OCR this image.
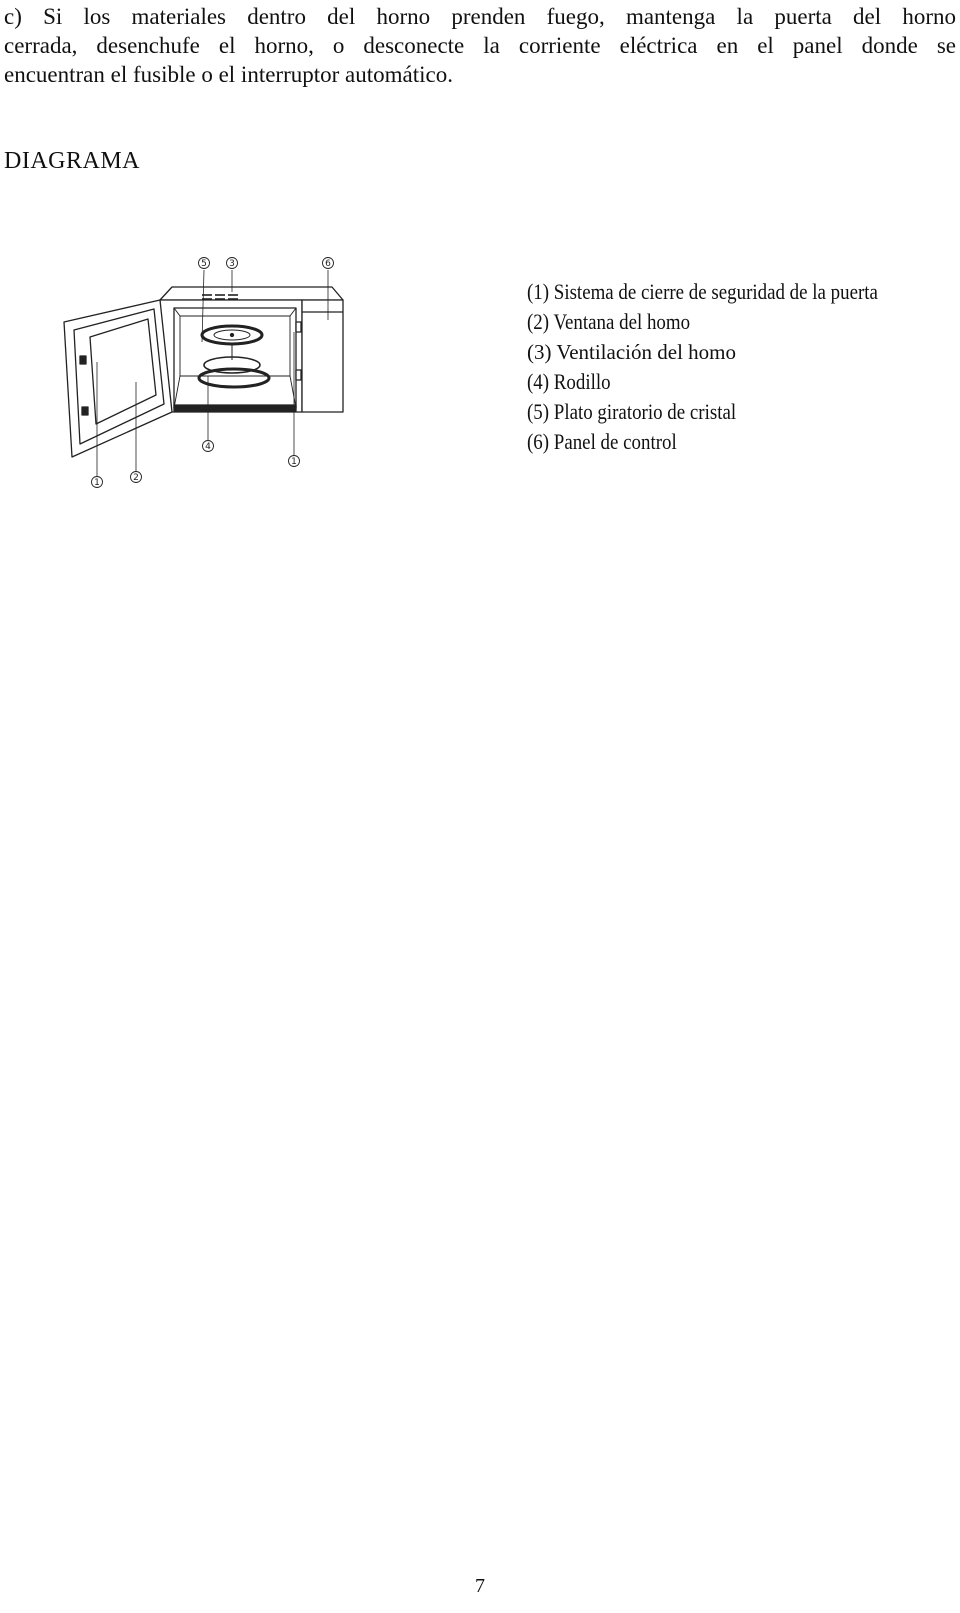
c) Si los materiales dentro del horno prenden fuego, mantenga la puerta del horno
cerrada, desenchufe el horno, o desconecte la corriente eléctrica en el panel donde se
encuentran el fusible o el interruptor automático.
DIAGRAMA
5 3	6
4
1
1	2
(1) Sistema de cierre de seguridad de la puerta
(2) Ventana del homo
(3) Ventilación del homo
(4) Rodillo
(5) Plato giratorio de cristal
(6) Panel de control
7
